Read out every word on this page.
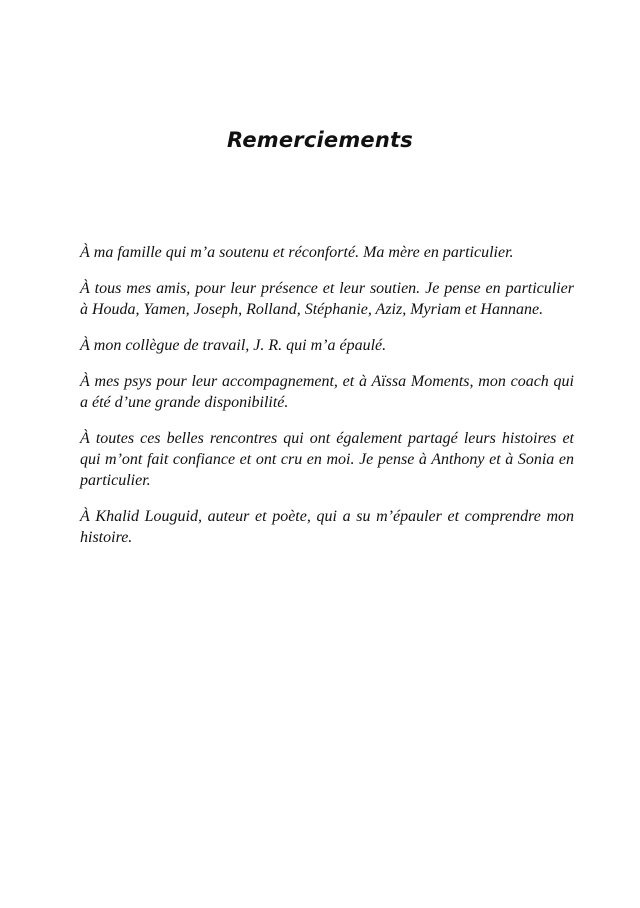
Remerciements

À ma famille qui m’a soutenu et réconforté. Ma mère en particulier.

À tous mes amis, pour leur présence et leur soutien. Je pense en particulier à Houda, Yamen, Joseph, Rolland, Stéphanie, Aziz, Myriam et Hannane.

À mon collègue de travail, J. R. qui m’a épaulé.

À mes psys pour leur accompagnement, et à Aïssa Moments, mon coach qui a été d’une grande disponibilité.

À toutes ces belles rencontres qui ont également partagé leurs histoires et qui m’ont fait confiance et ont cru en moi. Je pense à Anthony et à Sonia en particulier.

À Khalid Louguid, auteur et poète, qui a su m’épauler et comprendre mon histoire.
